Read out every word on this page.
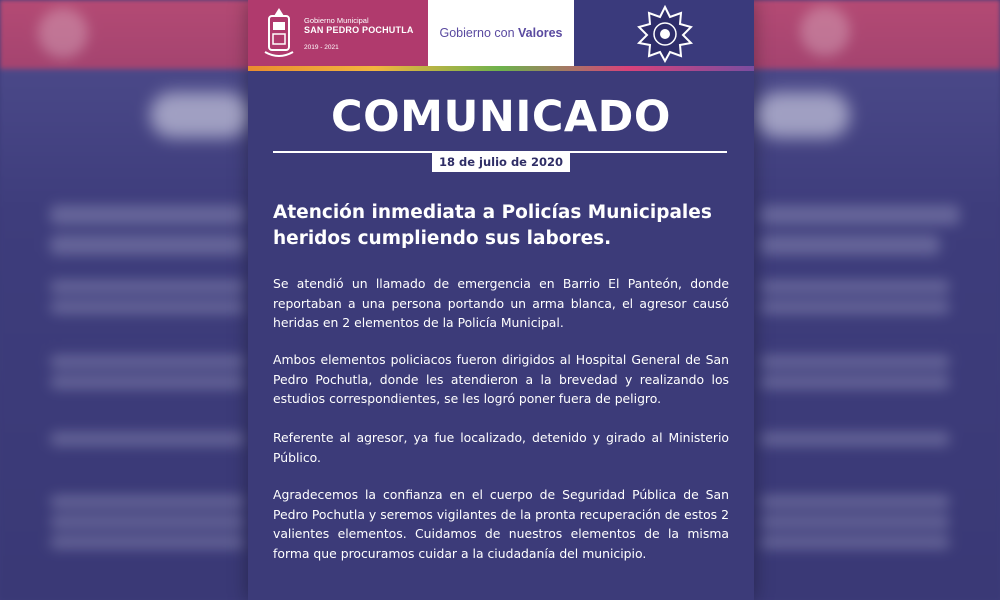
Gobierno Municipal
SAN PEDRO POCHUTLA
2019 - 2021
Gobierno con Valores
COMUNICADO
18 de julio de 2020
Atención inmediata a Policías Municipales heridos cumpliendo sus labores.

Se atendió un llamado de emergencia en Barrio El Panteón, donde reportaban a una persona portando un arma blanca, el agresor causó heridas en 2 elementos de la Policía Municipal.

Ambos elementos policiacos fueron dirigidos al Hospital General de San Pedro Pochutla, donde les atendieron a la brevedad y realizando los estudios correspondientes, se les logró poner fuera de peligro.

Referente al agresor, ya fue localizado, detenido y girado al Ministerio Público.

Agradecemos la confianza en el cuerpo de Seguridad Pública de San Pedro Pochutla y seremos vigilantes de la pronta recuperación de estos 2 valientes elementos. Cuidamos de nuestros elementos de la misma forma que procuramos cuidar a la ciudadanía del municipio.
